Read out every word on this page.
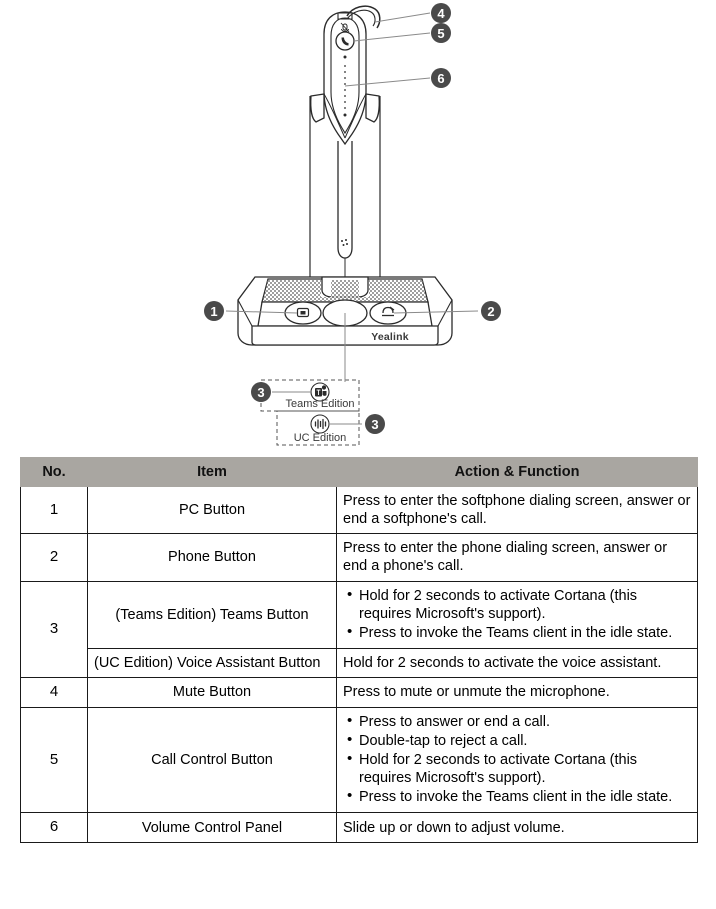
Yealink
Teams Edition
UC Edition
1	2
3
3
4
5
6
No.	Item	Action & Function
1	PC Button	Press to enter the softphone dialing screen, answer or end a softphone's call.

2	Phone Button	Press to enter the phone dialing screen, answer or end a phone's call.

3	(Teams Edition) Teams Button	
• Hold for 2 seconds to activate Cortana (this requires Microsoft's support).
• Press to invoke the Teams client in the idle state.

	(UC Edition) Voice Assistant Button	Hold for 2 seconds to activate the voice assistant.

4	Mute Button	Press to mute or unmute the microphone.

5	Call Control Button	
• Press to answer or end a call.
• Double-tap to reject a call.
• Hold for 2 seconds to activate Cortana (this requires Microsoft's support).
• Press to invoke the Teams client in the idle state.

6	Volume Control Panel	Slide up or down to adjust volume.
